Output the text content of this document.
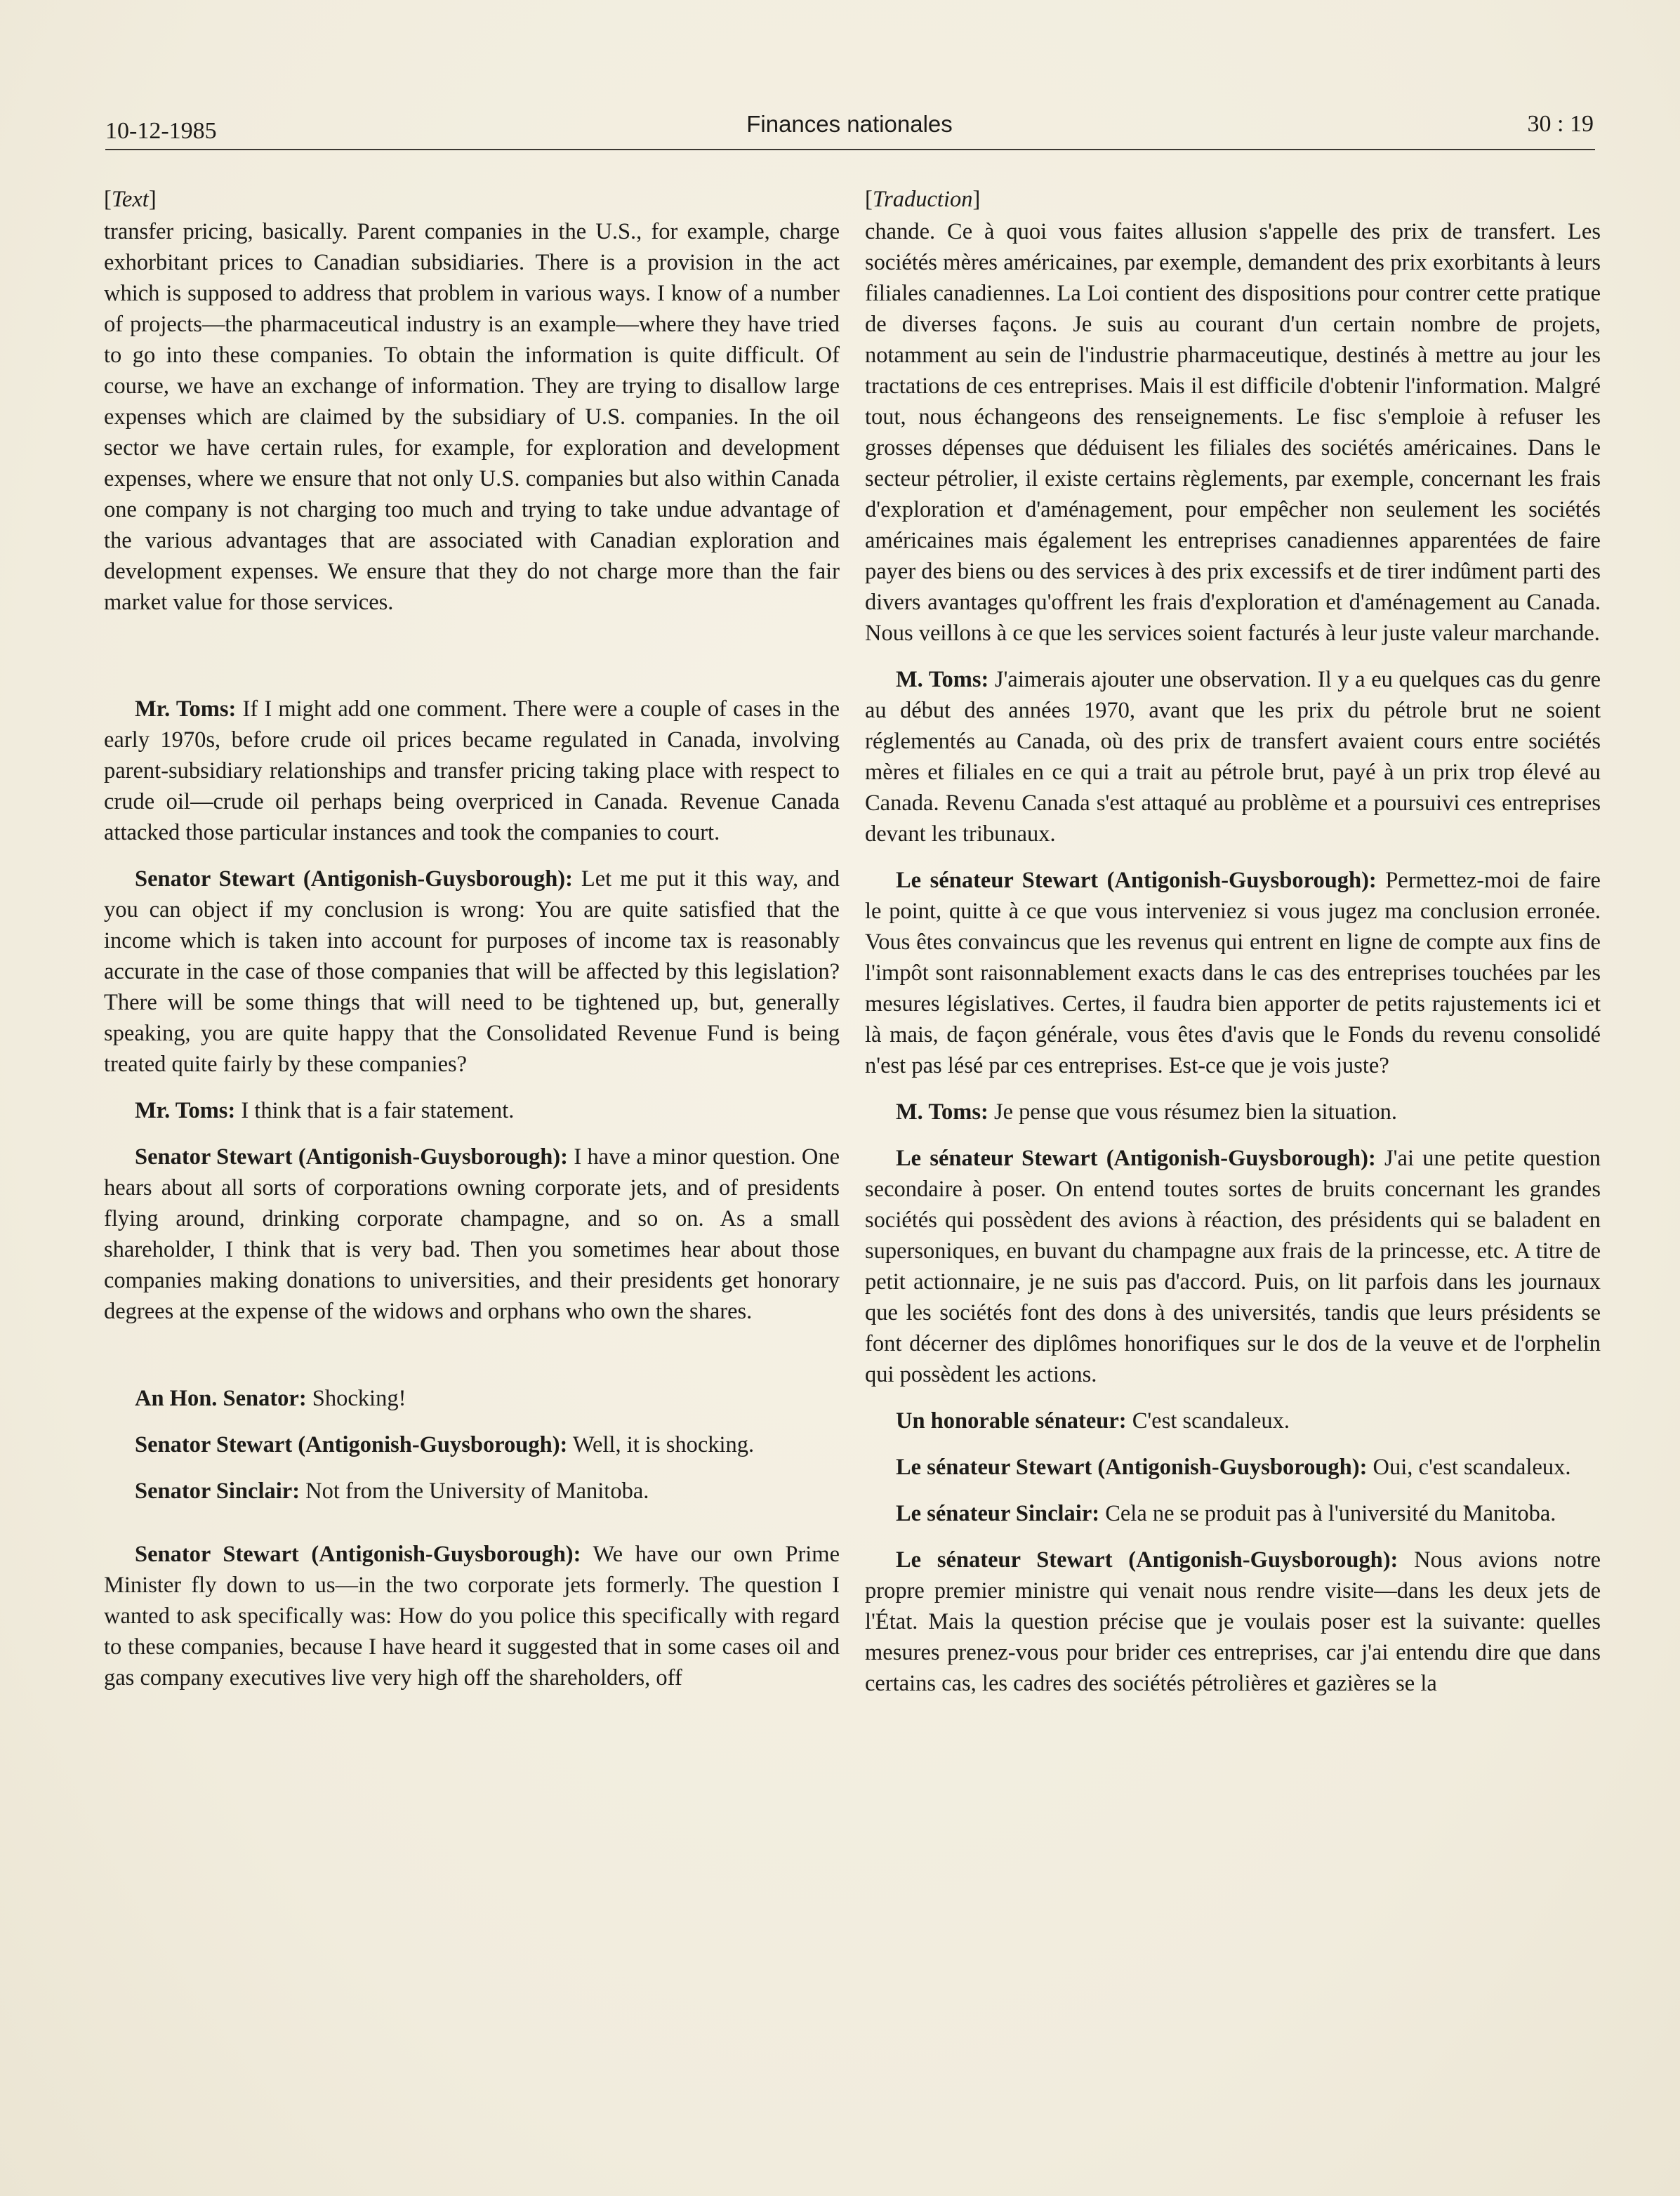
10-12-1985	Finances nationales	30 : 19

[Text]

transfer pricing, basically. Parent companies in the U.S., for example, charge exhorbitant prices to Canadian subsidiaries. There is a provision in the act which is supposed to address that problem in various ways. I know of a number of projects—the pharmaceutical industry is an example—where they have tried to go into these companies. To obtain the information is quite difficult. Of course, we have an exchange of information. They are trying to disallow large expenses which are claimed by the subsidiary of U.S. companies. In the oil sector we have certain rules, for example, for exploration and development expenses, where we ensure that not only U.S. companies but also within Canada one company is not charging too much and trying to take undue advantage of the various advantages that are associated with Canadian exploration and development expenses. We ensure that they do not charge more than the fair market value for those services.

Mr. Toms: If I might add one comment. There were a couple of cases in the early 1970s, before crude oil prices became regulated in Canada, involving parent-subsidiary relationships and transfer pricing taking place with respect to crude oil—crude oil perhaps being overpriced in Canada. Revenue Canada attacked those particular instances and took the companies to court.

Senator Stewart (Antigonish-Guysborough): Let me put it this way, and you can object if my conclusion is wrong: You are quite satisfied that the income which is taken into account for purposes of income tax is reasonably accurate in the case of those companies that will be affected by this legislation? There will be some things that will need to be tightened up, but, generally speaking, you are quite happy that the Consolidated Revenue Fund is being treated quite fairly by these companies?

Mr. Toms: I think that is a fair statement.

Senator Stewart (Antigonish-Guysborough): I have a minor question. One hears about all sorts of corporations owning corporate jets, and of presidents flying around, drinking corporate champagne, and so on. As a small shareholder, I think that is very bad. Then you sometimes hear about those companies making donations to universities, and their presidents get honorary degrees at the expense of the widows and orphans who own the shares.

An Hon. Senator: Shocking!

Senator Stewart (Antigonish-Guysborough): Well, it is shocking.

Senator Sinclair: Not from the University of Manitoba.

Senator Stewart (Antigonish-Guysborough): We have our own Prime Minister fly down to us—in the two corporate jets formerly. The question I wanted to ask specifically was: How do you police this specifically with regard to these companies, because I have heard it suggested that in some cases oil and gas company executives live very high off the shareholders, off

[Traduction]

chande. Ce à quoi vous faites allusion s'appelle des prix de transfert. Les sociétés mères américaines, par exemple, demandent des prix exorbitants à leurs filiales canadiennes. La Loi contient des dispositions pour contrer cette pratique de diverses façons. Je suis au courant d'un certain nombre de projets, notamment au sein de l'industrie pharmaceutique, destinés à mettre au jour les tractations de ces entreprises. Mais il est difficile d'obtenir l'information. Malgré tout, nous échangeons des renseignements. Le fisc s'emploie à refuser les grosses dépenses que déduisent les filiales des sociétés américaines. Dans le secteur pétrolier, il existe certains règlements, par exemple, concernant les frais d'exploration et d'aménagement, pour empêcher non seulement les sociétés américaines mais également les entreprises canadiennes apparentées de faire payer des biens ou des services à des prix excessifs et de tirer indûment parti des divers avantages qu'offrent les frais d'exploration et d'aménagement au Canada. Nous veillons à ce que les services soient facturés à leur juste valeur marchande.

M. Toms: J'aimerais ajouter une observation. Il y a eu quelques cas du genre au début des années 1970, avant que les prix du pétrole brut ne soient réglementés au Canada, où des prix de transfert avaient cours entre sociétés mères et filiales en ce qui a trait au pétrole brut, payé à un prix trop élevé au Canada. Revenu Canada s'est attaqué au problème et a poursuivi ces entreprises devant les tribunaux.

Le sénateur Stewart (Antigonish-Guysborough): Permettez-moi de faire le point, quitte à ce que vous interveniez si vous jugez ma conclusion erronée. Vous êtes convaincus que les revenus qui entrent en ligne de compte aux fins de l'impôt sont raisonnablement exacts dans le cas des entreprises touchées par les mesures législatives. Certes, il faudra bien apporter de petits rajustements ici et là mais, de façon générale, vous êtes d'avis que le Fonds du revenu consolidé n'est pas lésé par ces entreprises. Est-ce que je vois juste?

M. Toms: Je pense que vous résumez bien la situation.

Le sénateur Stewart (Antigonish-Guysborough): J'ai une petite question secondaire à poser. On entend toutes sortes de bruits concernant les grandes sociétés qui possèdent des avions à réaction, des présidents qui se baladent en supersoniques, en buvant du champagne aux frais de la princesse, etc. A titre de petit actionnaire, je ne suis pas d'accord. Puis, on lit parfois dans les journaux que les sociétés font des dons à des universités, tandis que leurs présidents se font décerner des diplômes honorifiques sur le dos de la veuve et de l'orphelin qui possèdent les actions.

Un honorable sénateur: C'est scandaleux.

Le sénateur Stewart (Antigonish-Guysborough): Oui, c'est scandaleux.

Le sénateur Sinclair: Cela ne se produit pas à l'université du Manitoba.

Le sénateur Stewart (Antigonish-Guysborough): Nous avions notre propre premier ministre qui venait nous rendre visite—dans les deux jets de l'État. Mais la question précise que je voulais poser est la suivante: quelles mesures prenez-vous pour brider ces entreprises, car j'ai entendu dire que dans certains cas, les cadres des sociétés pétrolières et gazières se la
